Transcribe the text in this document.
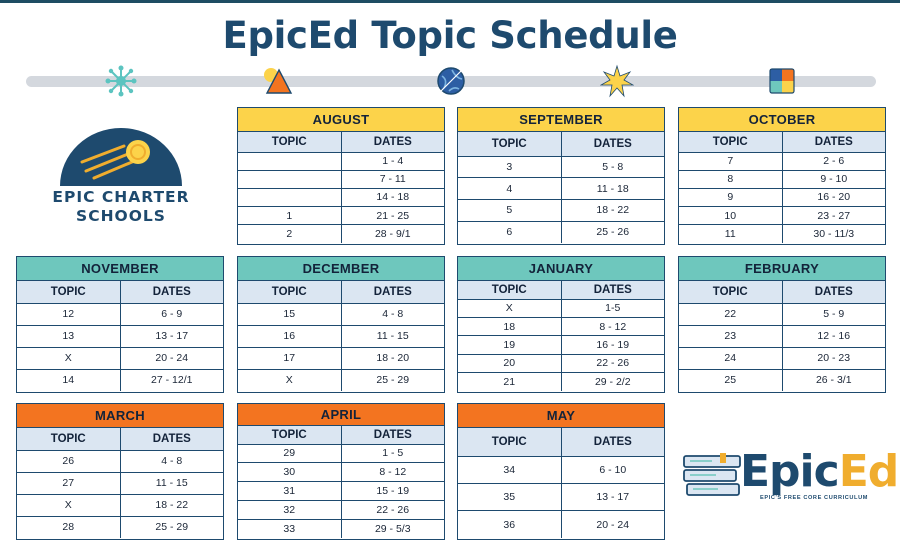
EpicEd Topic Schedule
EPIC CHARTER
SCHOOLS
EpicEd
EPIC'S FREE CORE CURRICULUM
AUGUST
TOPIC	DATES
	1 - 4
	7 - 11
	14 - 18
1	21 - 25
2	28 - 9/1
SEPTEMBER
TOPIC	DATES
3	5 - 8
4	11 - 18
5	18 - 22
6	25 - 26
OCTOBER
TOPIC	DATES
7	2 - 6
8	9 - 10
9	16 - 20
10	23 - 27
11	30 - 11/3
NOVEMBER
TOPIC	DATES
12	6 - 9
13	13 - 17
X	20 - 24
14	27 - 12/1
DECEMBER
TOPIC	DATES
15	4 - 8
16	11 - 15
17	18 - 20
X	25 - 29
JANUARY
TOPIC	DATES
X	1-5
18	8 - 12
19	16 - 19
20	22 - 26
21	29 - 2/2
FEBRUARY
TOPIC	DATES
22	5 - 9
23	12 - 16
24	20 - 23
25	26 - 3/1
MARCH
TOPIC	DATES
26	4 - 8
27	11 - 15
X	18 - 22
28	25 - 29
APRIL
TOPIC	DATES
29	1 - 5
30	8 - 12
31	15 - 19
32	22 - 26
33	29 - 5/3
MAY
TOPIC	DATES
34	6 - 10
35	13 - 17
36	20 - 24
